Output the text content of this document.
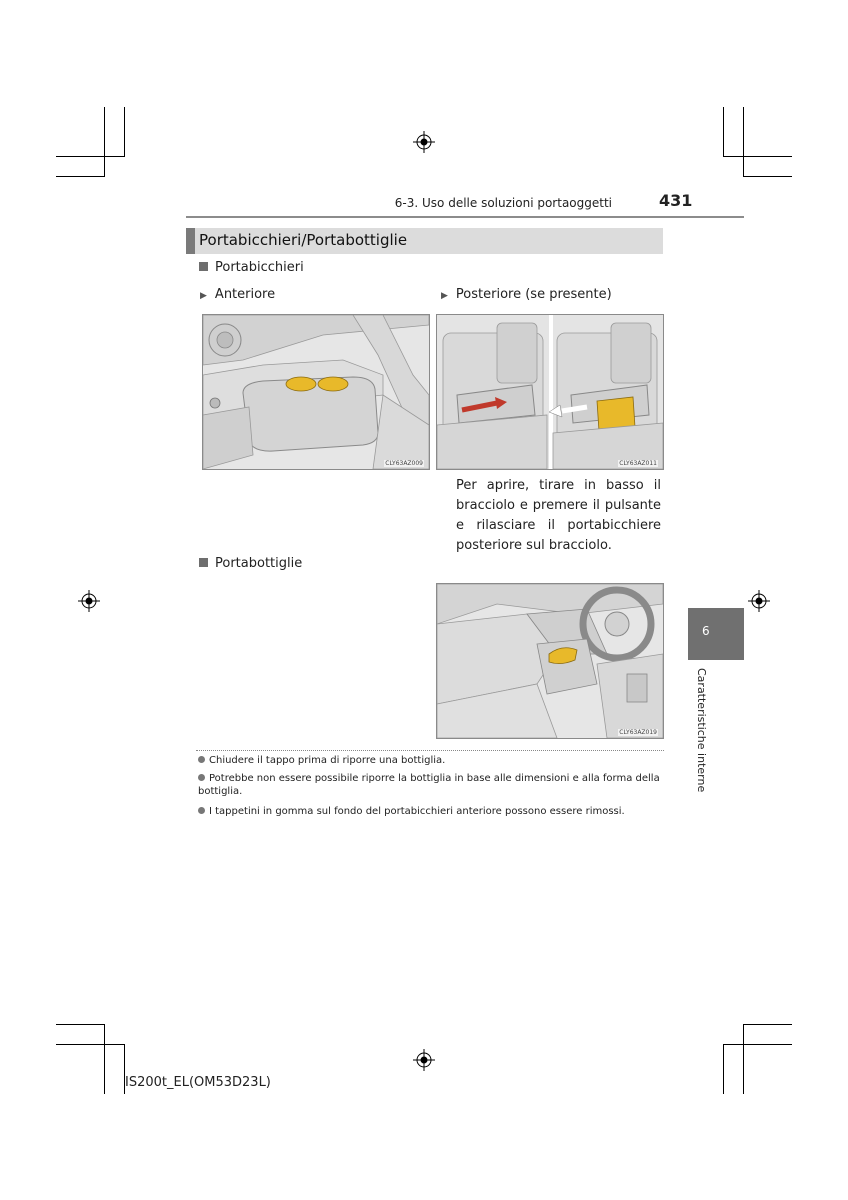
6-3. Uso delle soluzioni portaoggetti	431
Portabicchieri/Portabottiglie
Portabicchieri
▶ Anteriore	▶ Posteriore (se presente)
CLY63AZ009	CLY63AZ011
Per aprire, tirare in basso il bracciolo e premere il pulsante e rilasciare il portabicchiere posteriore sul bracciolo.
Portabottiglie
CLY63AZ019
Chiudere il tappo prima di riporre una bottiglia.
Potrebbe non essere possibile riporre la bottiglia in base alle dimensioni e alla forma della bottiglia.
I tappetini in gomma sul fondo del portabicchieri anteriore possono essere rimossi.
6
Caratteristiche interne
IS200t_EL(OM53D23L)
